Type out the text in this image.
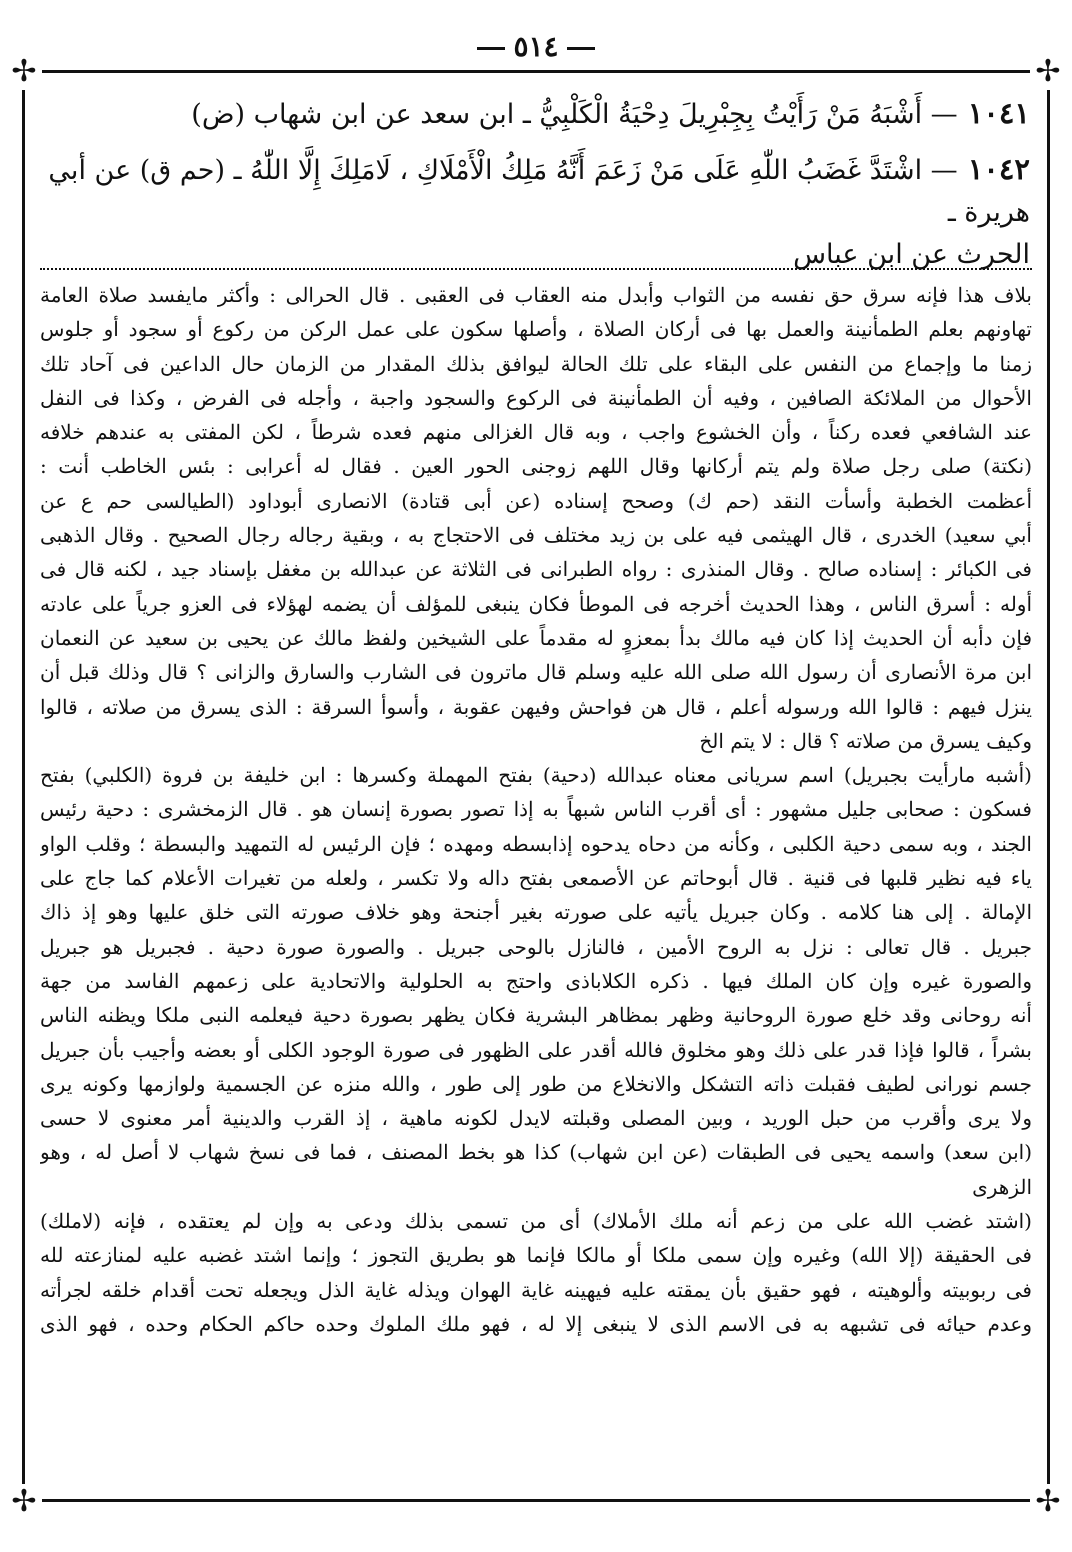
✢	✢
✢	✢
٥١٤
١٠٤١— أَشْبَهُ مَنْ رَأَيْتُ بِجِبْرِيلَ دِحْيَةُ الْكَلْبِيُّ ـ ابن سعد عن ابن شهاب (ض)
١٠٤٢— اشْتَدَّ غَضَبُ اللّٰهِ عَلَى مَنْ زَعَمَ أَنَّهُ مَلِكُ الْأَمْلَاكِ ، لَامَلِكَ إِلَّا اللّٰهُ ـ (حم ق) عن أبي هريرة ـ
الحرث عن ابن عباس

بلاف هذا فإنه سرق حق نفسه من الثواب وأبدل منه العقاب فى العقبى . قال الحرالى : وأكثر مايفسد صلاة العامة

تهاونهم بعلم الطمأنينة والعمل بها فى أركان الصلاة ، وأصلها سكون على عمل الركن من ركوع أو سجود أو جلوس

زمنا ما وإجماع من النفس على البقاء على تلك الحالة ليوافق بذلك المقدار من الزمان حال الداعين فى آحاد تلك

الأحوال من الملائكة الصافين ، وفيه أن الطمأنينة فى الركوع والسجود واجبة ، وأجله فى الفرض ، وكذا فى النفل

عند الشافعي فعده ركناً ، وأن الخشوع واجب ، وبه قال الغزالى منهم فعده شرطاً ، لكن المفتى به عندهم خلافه

(نكتة) صلى رجل صلاة ولم يتم أركانها وقال اللهم زوجنى الحور العين . فقال له أعرابى : بئس الخاطب أنت :

أعظمت الخطبة وأسأت النقد (حم ك) وصحح إسناده (عن أبى قتادة) الانصارى أبوداود (الطيالسى حم ع عن

أبي سعيد) الخدرى ، قال الهيثمى فيه على بن زيد مختلف فى الاحتجاج به ، وبقية رجاله رجال الصحيح . وقال الذهبى

فى الكبائر : إسناده صالح . وقال المنذرى : رواه الطبرانى فى الثلاثة عن عبدالله بن مغفل بإسناد جيد ، لكنه قال فى

أوله : أسرق الناس ، وهذا الحديث أخرجه فى الموطأ فكان ينبغى للمؤلف أن يضمه لهؤلاء فى العزو جرياً على عادته

فإن دأبه أن الحديث إذا كان فيه مالك بدأ بمعزوٍ له مقدماً على الشيخين ولفظ مالك عن يحيى بن سعيد عن النعمان

ابن مرة الأنصارى أن رسول الله صلى الله عليه وسلم قال ماترون فى الشارب والسارق والزانى ؟ قال وذلك قبل أن

ينزل فيهم : قالوا الله ورسوله أعلم ، قال هن فواحش وفيهن عقوبة ، وأسوأ السرقة : الذى يسرق من صلاته ، قالوا

وكيف يسرق من صلاته ؟ قال : لا يتم الخ

(أشبه مارأيت بجبريل) اسم سريانى معناه عبدالله (دحية) بفتح المهملة وكسرها : ابن خليفة بن فروة (الكلبي) بفتح

فسكون : صحابى جليل مشهور : أى أقرب الناس شبهاً به إذا تصور بصورة إنسان هو . قال الزمخشرى : دحية رئيس

الجند ، وبه سمى دحية الكلبى ، وكأنه من دحاه يدحوه إذابسطه ومهده ؛ فإن الرئيس له التمهيد والبسطة ؛ وقلب الواو

ياء فيه نظير قلبها فى قنية . قال أبوحاتم عن الأصمعى بفتح داله ولا تكسر ، ولعله من تغيرات الأعلام كما جاج على

الإمالة . إلى هنا كلامه . وكان جبريل يأتيه على صورته بغير أجنحة وهو خلاف صورته التى خلق عليها وهو إذ ذاك

جبريل . قال تعالى : نزل به الروح الأمين ، فالنازل بالوحى جبريل . والصورة صورة دحية . فجبريل هو جبريل

والصورة غيره وإن كان الملك فيها . ذكره الكلاباذى واحتج به الحلولية والاتحادية على زعمهم الفاسد من جهة

أنه روحانى وقد خلع صورة الروحانية وظهر بمظاهر البشرية فكان يظهر بصورة دحية فيعلمه النبى ملكا ويظنه الناس

بشراً ، قالوا فإذا قدر على ذلك وهو مخلوق فالله أقدر على الظهور فى صورة الوجود الكلى أو بعضه وأجيب بأن جبريل

جسم نورانى لطيف فقبلت ذاته التشكل والانخلاع من طور إلى طور ، والله منزه عن الجسمية ولوازمها وكونه يرى

ولا يرى وأقرب من حبل الوريد ، وبين المصلى وقبلته لايدل لكونه ماهية ، إذ القرب والدينية أمر معنوى لا حسى

(ابن سعد) واسمه يحيى فى الطبقات (عن ابن شهاب) كذا هو بخط المصنف ، فما فى نسخ شهاب لا أصل له ، وهو الزهرى

(اشتد غضب الله على من زعم أنه ملك الأملاك) أى من تسمى بذلك ودعى به وإن لم يعتقده ، فإنه (لاملك)

فى الحقيقة (إلا الله) وغيره وإن سمى ملكا أو مالكا فإنما هو بطريق التجوز ؛ وإنما اشتد غضبه عليه لمنازعته لله

فى ربوبيته وألوهيته ، فهو حقيق بأن يمقته عليه فيهينه غاية الهوان ويذله غاية الذل ويجعله تحت أقدام خلقه لجرأته

وعدم حيائه فى تشبهه به فى الاسم الذى لا ينبغى إلا له ، فهو ملك الملوك وحده حاكم الحكام وحده ، فهو الذى
